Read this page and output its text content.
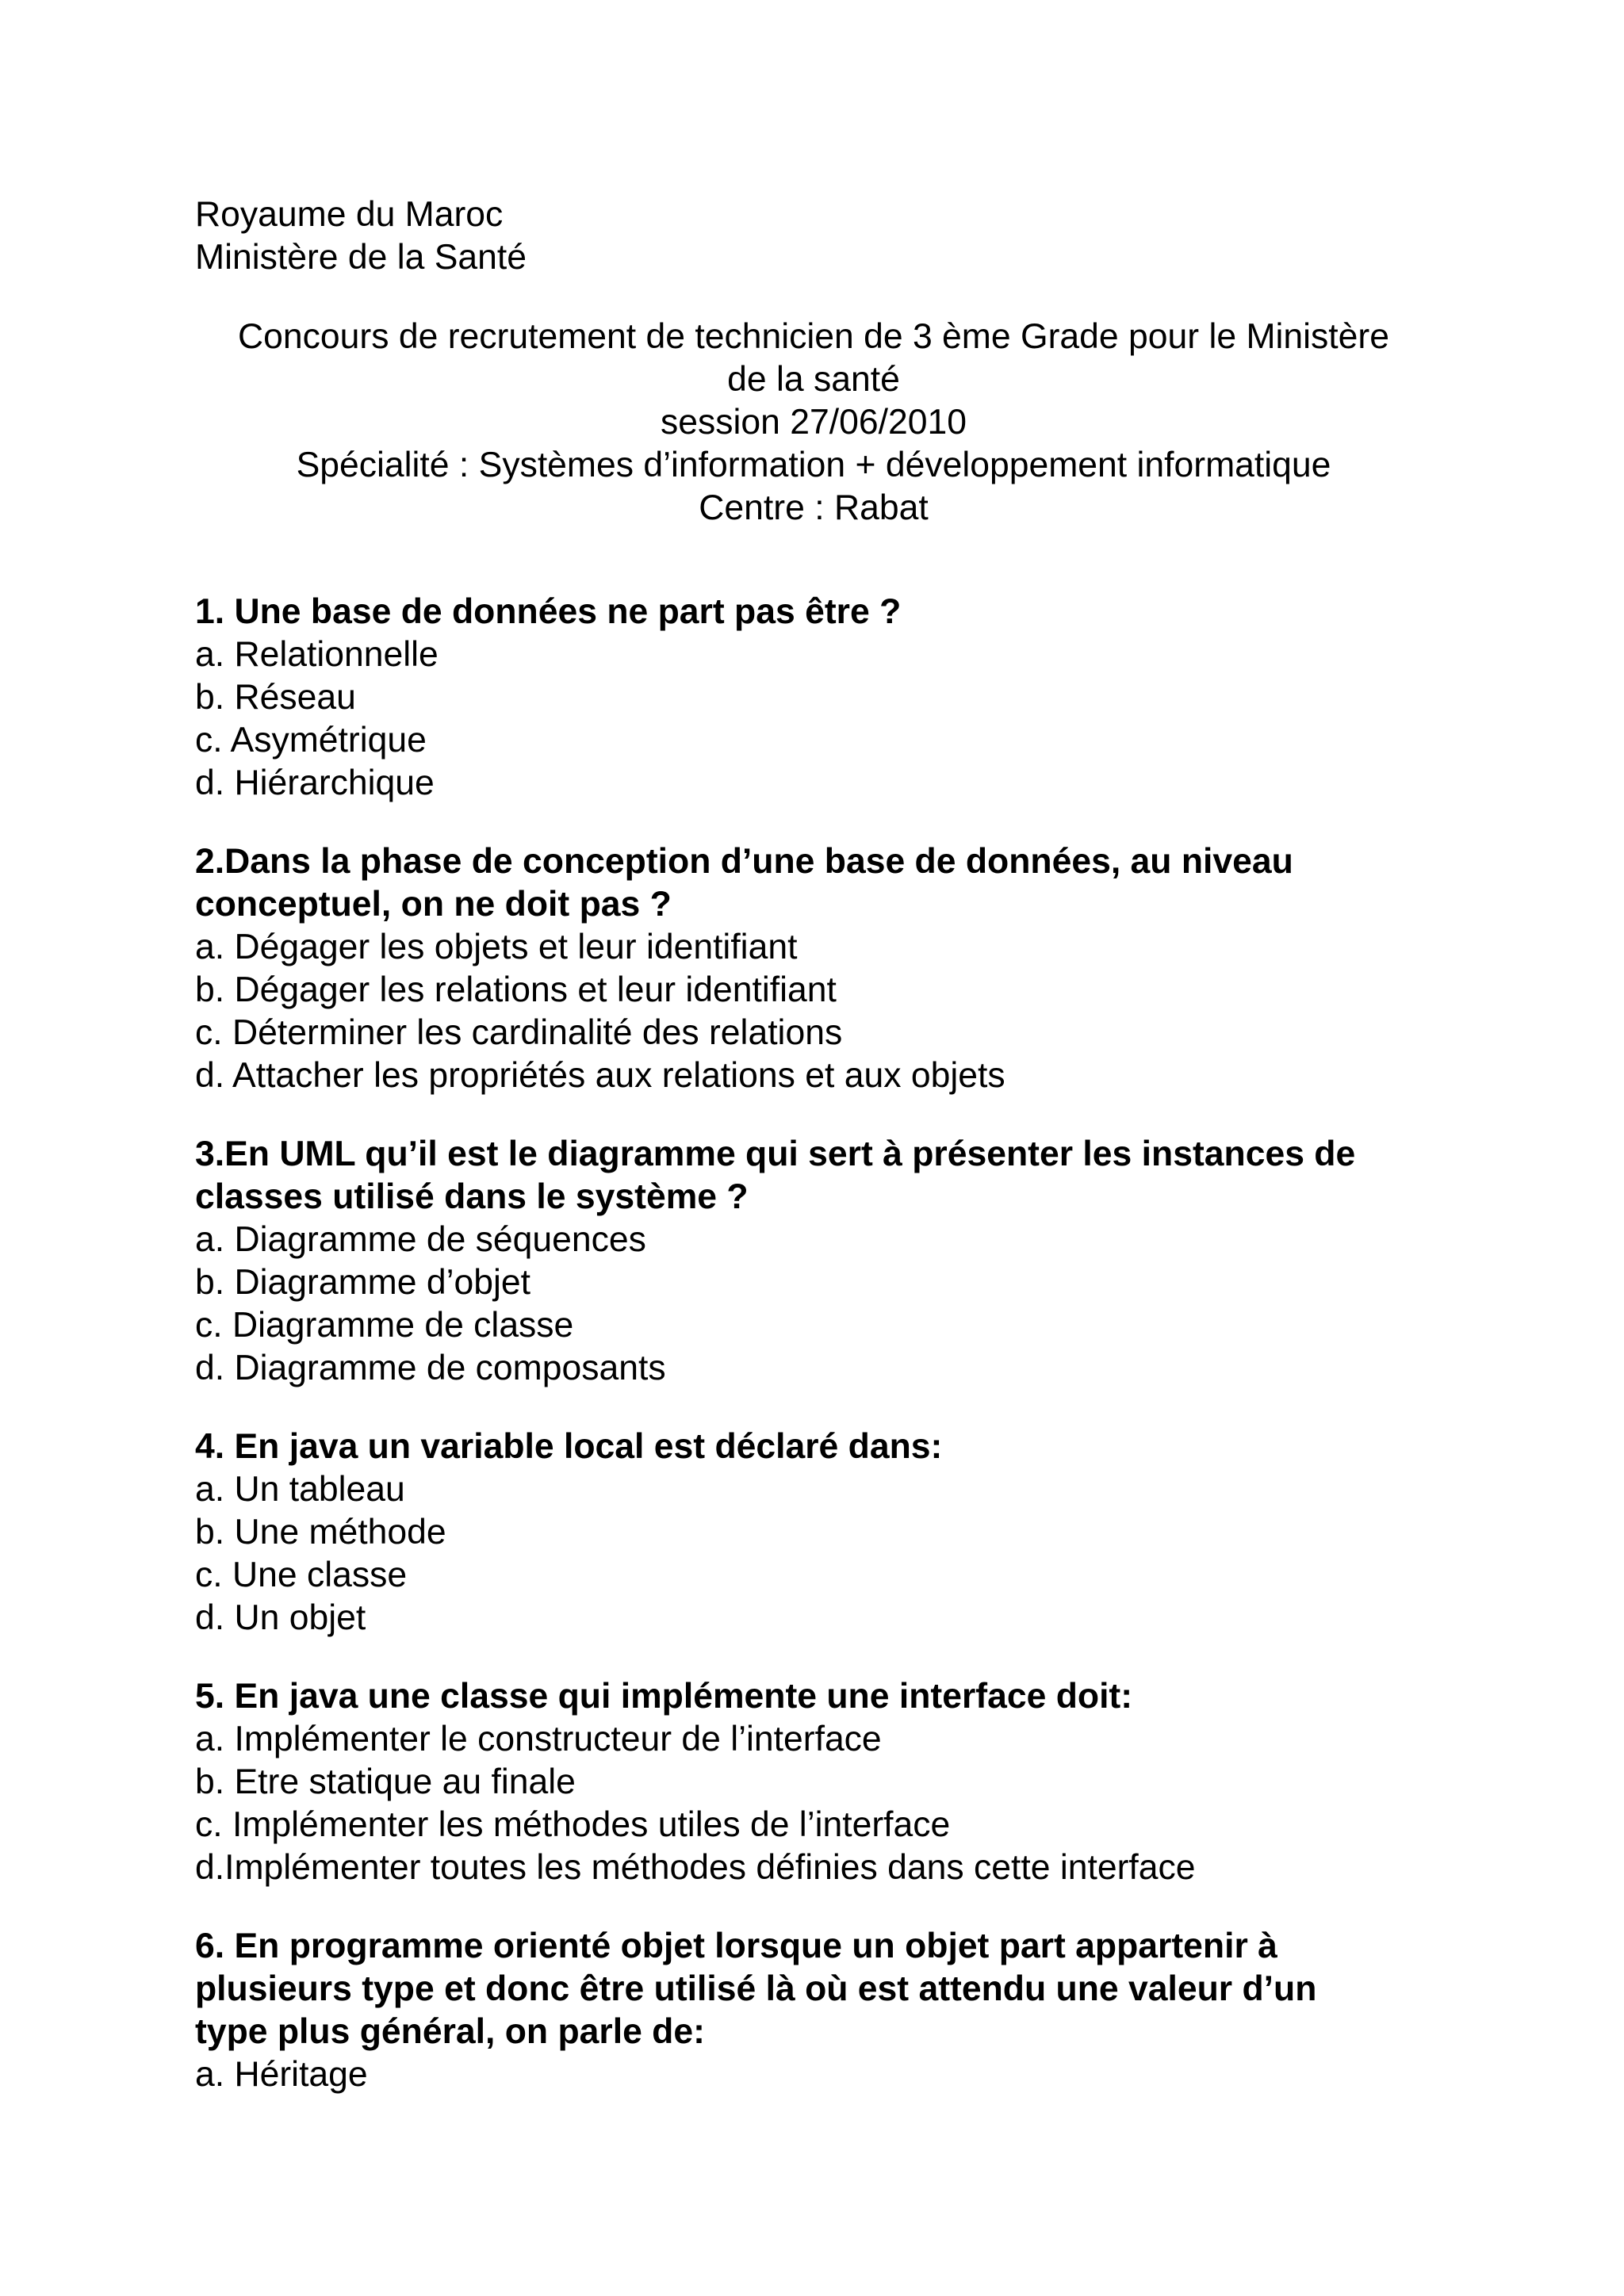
Royaume du Maroc
Ministère de la Santé
Concours de recrutement de technicien de 3 ème Grade pour le Ministère
de la santé
session 27/06/2010
Spécialité : Systèmes d’information + développement informatique
Centre : Rabat
1. Une base de données ne part pas être ?
a. Relationnelle
b. Réseau
c. Asymétrique
d. Hiérarchique
2.Dans la phase de conception d’une base de données, au niveau
conceptuel, on ne doit pas ?
a. Dégager les objets et leur identifiant
b. Dégager les relations et leur identifiant
c. Déterminer les cardinalité des relations
d. Attacher les propriétés aux relations et aux objets
3.En UML qu’il est le diagramme qui sert à présenter les instances de
classes utilisé dans le système ?
a. Diagramme de séquences
b. Diagramme d’objet
c. Diagramme de classe
d. Diagramme de composants
4. En java un variable local est déclaré dans:
a. Un tableau
b. Une méthode
c. Une classe
d. Un objet
5. En java une classe qui implémente une interface doit:
a. Implémenter le constructeur de l’interface
b. Etre statique au finale
c. Implémenter les méthodes utiles de l’interface
d.Implémenter toutes les méthodes définies dans cette interface
6. En programme orienté objet lorsque un objet part appartenir à
plusieurs type et donc être utilisé là où est attendu une valeur d’un
type plus général, on parle de:
a. Héritage
